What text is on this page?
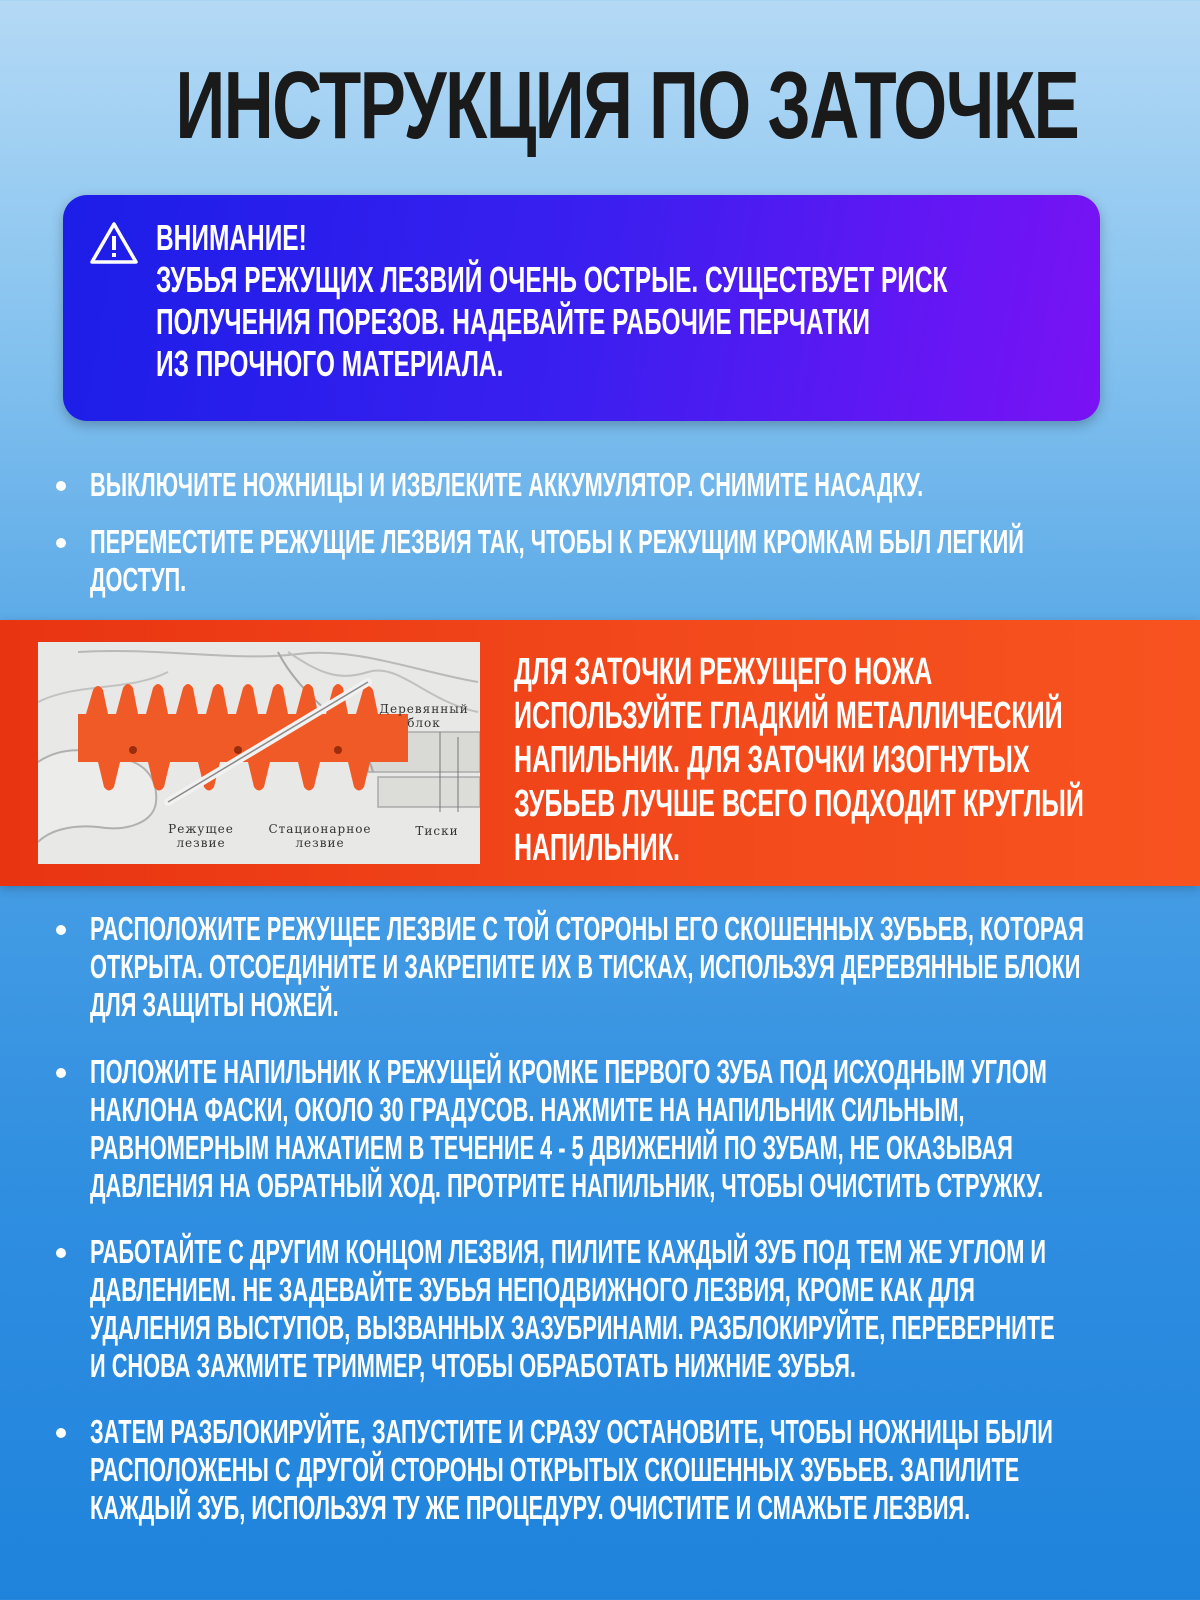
ИНСТРУКЦИЯ ПО ЗАТОЧКЕ
ВНИМАНИЕ!
ЗУБЬЯ РЕЖУЩИХ ЛЕЗВИЙ ОЧЕНЬ ОСТРЫЕ. СУЩЕСТВУЕТ РИСК
ПОЛУЧЕНИЯ ПОРЕЗОВ. НАДЕВАЙТЕ РАБОЧИЕ ПЕРЧАТКИ
ИЗ ПРОЧНОГО МАТЕРИАЛА.
ВЫКЛЮЧИТЕ НОЖНИЦЫ И ИЗВЛЕКИТЕ АККУМУЛЯТОР. СНИМИТЕ НАСАДКУ.
ПЕРЕМЕСТИТЕ РЕЖУЩИЕ ЛЕЗВИЯ ТАК, ЧТОБЫ К РЕЖУЩИМ КРОМКАМ БЫЛ ЛЕГКИЙ
ДОСТУП.
Деревянный
блок
Режущее
лезвие
Стационарное
лезвие
Тиски
ДЛЯ ЗАТОЧКИ РЕЖУЩЕГО НОЖА
ИСПОЛЬЗУЙТЕ ГЛАДКИЙ МЕТАЛЛИЧЕСКИЙ
НАПИЛЬНИК. ДЛЯ ЗАТОЧКИ ИЗОГНУТЫХ
ЗУБЬЕВ ЛУЧШЕ ВСЕГО ПОДХОДИТ КРУГЛЫЙ
НАПИЛЬНИК.
РАСПОЛОЖИТЕ РЕЖУЩЕЕ ЛЕЗВИЕ С ТОЙ СТОРОНЫ ЕГО СКОШЕННЫХ ЗУБЬЕВ, КОТОРАЯ
ОТКРЫТА. ОТСОЕДИНИТЕ И ЗАКРЕПИТЕ ИХ В ТИСКАХ, ИСПОЛЬЗУЯ ДЕРЕВЯННЫЕ БЛОКИ
ДЛЯ ЗАЩИТЫ НОЖЕЙ.
ПОЛОЖИТЕ НАПИЛЬНИК К РЕЖУЩЕЙ КРОМКЕ ПЕРВОГО ЗУБА ПОД ИСХОДНЫМ УГЛОМ
НАКЛОНА ФАСКИ, ОКОЛО 30 ГРАДУСОВ. НАЖМИТЕ НА НАПИЛЬНИК СИЛЬНЫМ,
РАВНОМЕРНЫМ НАЖАТИЕМ В ТЕЧЕНИЕ 4 - 5 ДВИЖЕНИЙ ПО ЗУБАМ, НЕ ОКАЗЫВАЯ
ДАВЛЕНИЯ НА ОБРАТНЫЙ ХОД. ПРОТРИТЕ НАПИЛЬНИК, ЧТОБЫ ОЧИСТИТЬ СТРУЖКУ.
РАБОТАЙТЕ С ДРУГИМ КОНЦОМ ЛЕЗВИЯ, ПИЛИТЕ КАЖДЫЙ ЗУБ ПОД ТЕМ ЖЕ УГЛОМ И
ДАВЛЕНИЕМ. НЕ ЗАДЕВАЙТЕ ЗУБЬЯ НЕПОДВИЖНОГО ЛЕЗВИЯ, КРОМЕ КАК ДЛЯ
УДАЛЕНИЯ ВЫСТУПОВ, ВЫЗВАННЫХ ЗАЗУБРИНАМИ. РАЗБЛОКИРУЙТЕ, ПЕРЕВЕРНИТЕ
И СНОВА ЗАЖМИТЕ ТРИММЕР, ЧТОБЫ ОБРАБОТАТЬ НИЖНИЕ ЗУБЬЯ.
ЗАТЕМ РАЗБЛОКИРУЙТЕ, ЗАПУСТИТЕ И СРАЗУ ОСТАНОВИТЕ, ЧТОБЫ НОЖНИЦЫ БЫЛИ
РАСПОЛОЖЕНЫ С ДРУГОЙ СТОРОНЫ ОТКРЫТЫХ СКОШЕННЫХ ЗУБЬЕВ. ЗАПИЛИТЕ
КАЖДЫЙ ЗУБ, ИСПОЛЬЗУЯ ТУ ЖЕ ПРОЦЕДУРУ. ОЧИСТИТЕ И СМАЖЬТЕ ЛЕЗВИЯ.
